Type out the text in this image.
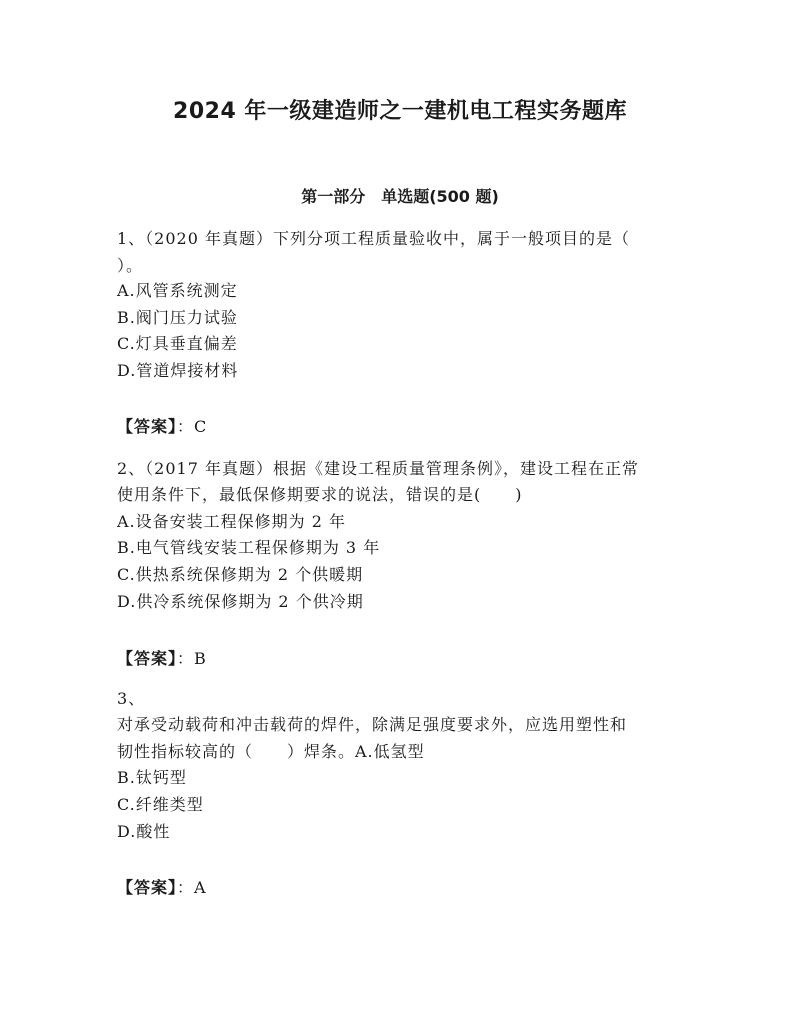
2024 年一级建造师之一建机电工程实务题库
第一部分　单选题(500 题)
1、（2020 年真题）下列分项工程质量验收中，属于一般项目的是（
）。
A.风管系统测定
B.阀门压力试验
C.灯具垂直偏差
D.管道焊接材料
【答案】：C
2、（2017 年真题）根据《建设工程质量管理条例》，建设工程在正常
使用条件下，最低保修期要求的说法，错误的是(　　)
A.设备安装工程保修期为 2 年
B.电气管线安装工程保修期为 3 年
C.供热系统保修期为 2 个供暖期
D.供冷系统保修期为 2 个供冷期
【答案】：B
3、
对承受动载荷和冲击载荷的焊件，除满足强度要求外，应选用塑性和
韧性指标较高的（　　）焊条。A.低氢型
B.钛钙型
C.纤维类型
D.酸性
【答案】：A
